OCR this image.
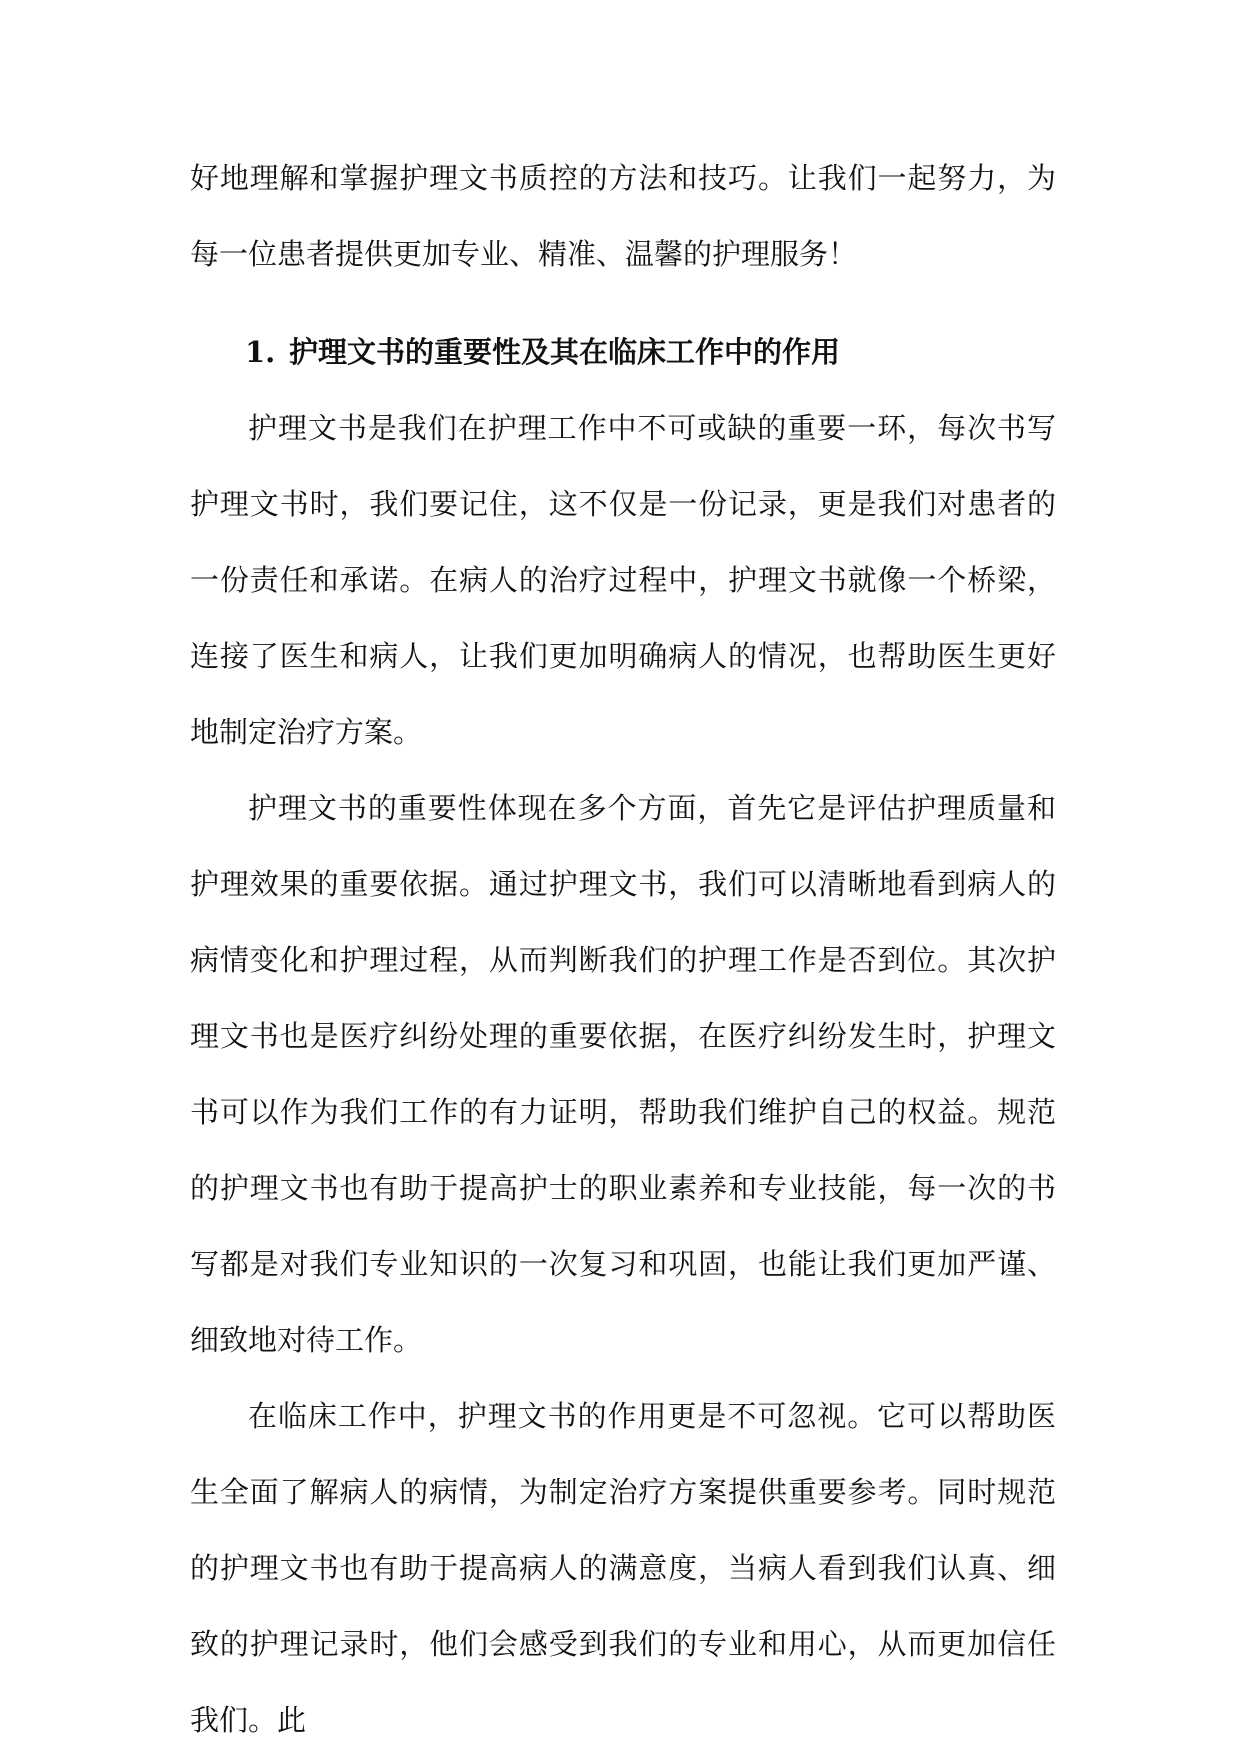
好地理解和掌握护理文书质控的方法和技巧。让我们一起努力，为每一位患者提供更加专业、精准、温馨的护理服务！

1. 护理文书的重要性及其在临床工作中的作用

护理文书是我们在护理工作中不可或缺的重要一环，每次书写护理文书时，我们要记住，这不仅是一份记录，更是我们对患者的一份责任和承诺。在病人的治疗过程中，护理文书就像一个桥梁，连接了医生和病人，让我们更加明确病人的情况，也帮助医生更好地制定治疗方案。

护理文书的重要性体现在多个方面，首先它是评估护理质量和护理效果的重要依据。通过护理文书，我们可以清晰地看到病人的病情变化和护理过程，从而判断我们的护理工作是否到位。其次护理文书也是医疗纠纷处理的重要依据，在医疗纠纷发生时，护理文书可以作为我们工作的有力证明，帮助我们维护自己的权益。规范的护理文书也有助于提高护士的职业素养和专业技能，每一次的书写都是对我们专业知识的一次复习和巩固，也能让我们更加严谨、细致地对待工作。

在临床工作中，护理文书的作用更是不可忽视。它可以帮助医生全面了解病人的病情，为制定治疗方案提供重要参考。同时规范的护理文书也有助于提高病人的满意度，当病人看到我们认真、细致的护理记录时，他们会感受到我们的专业和用心，从而更加信任我们。此
